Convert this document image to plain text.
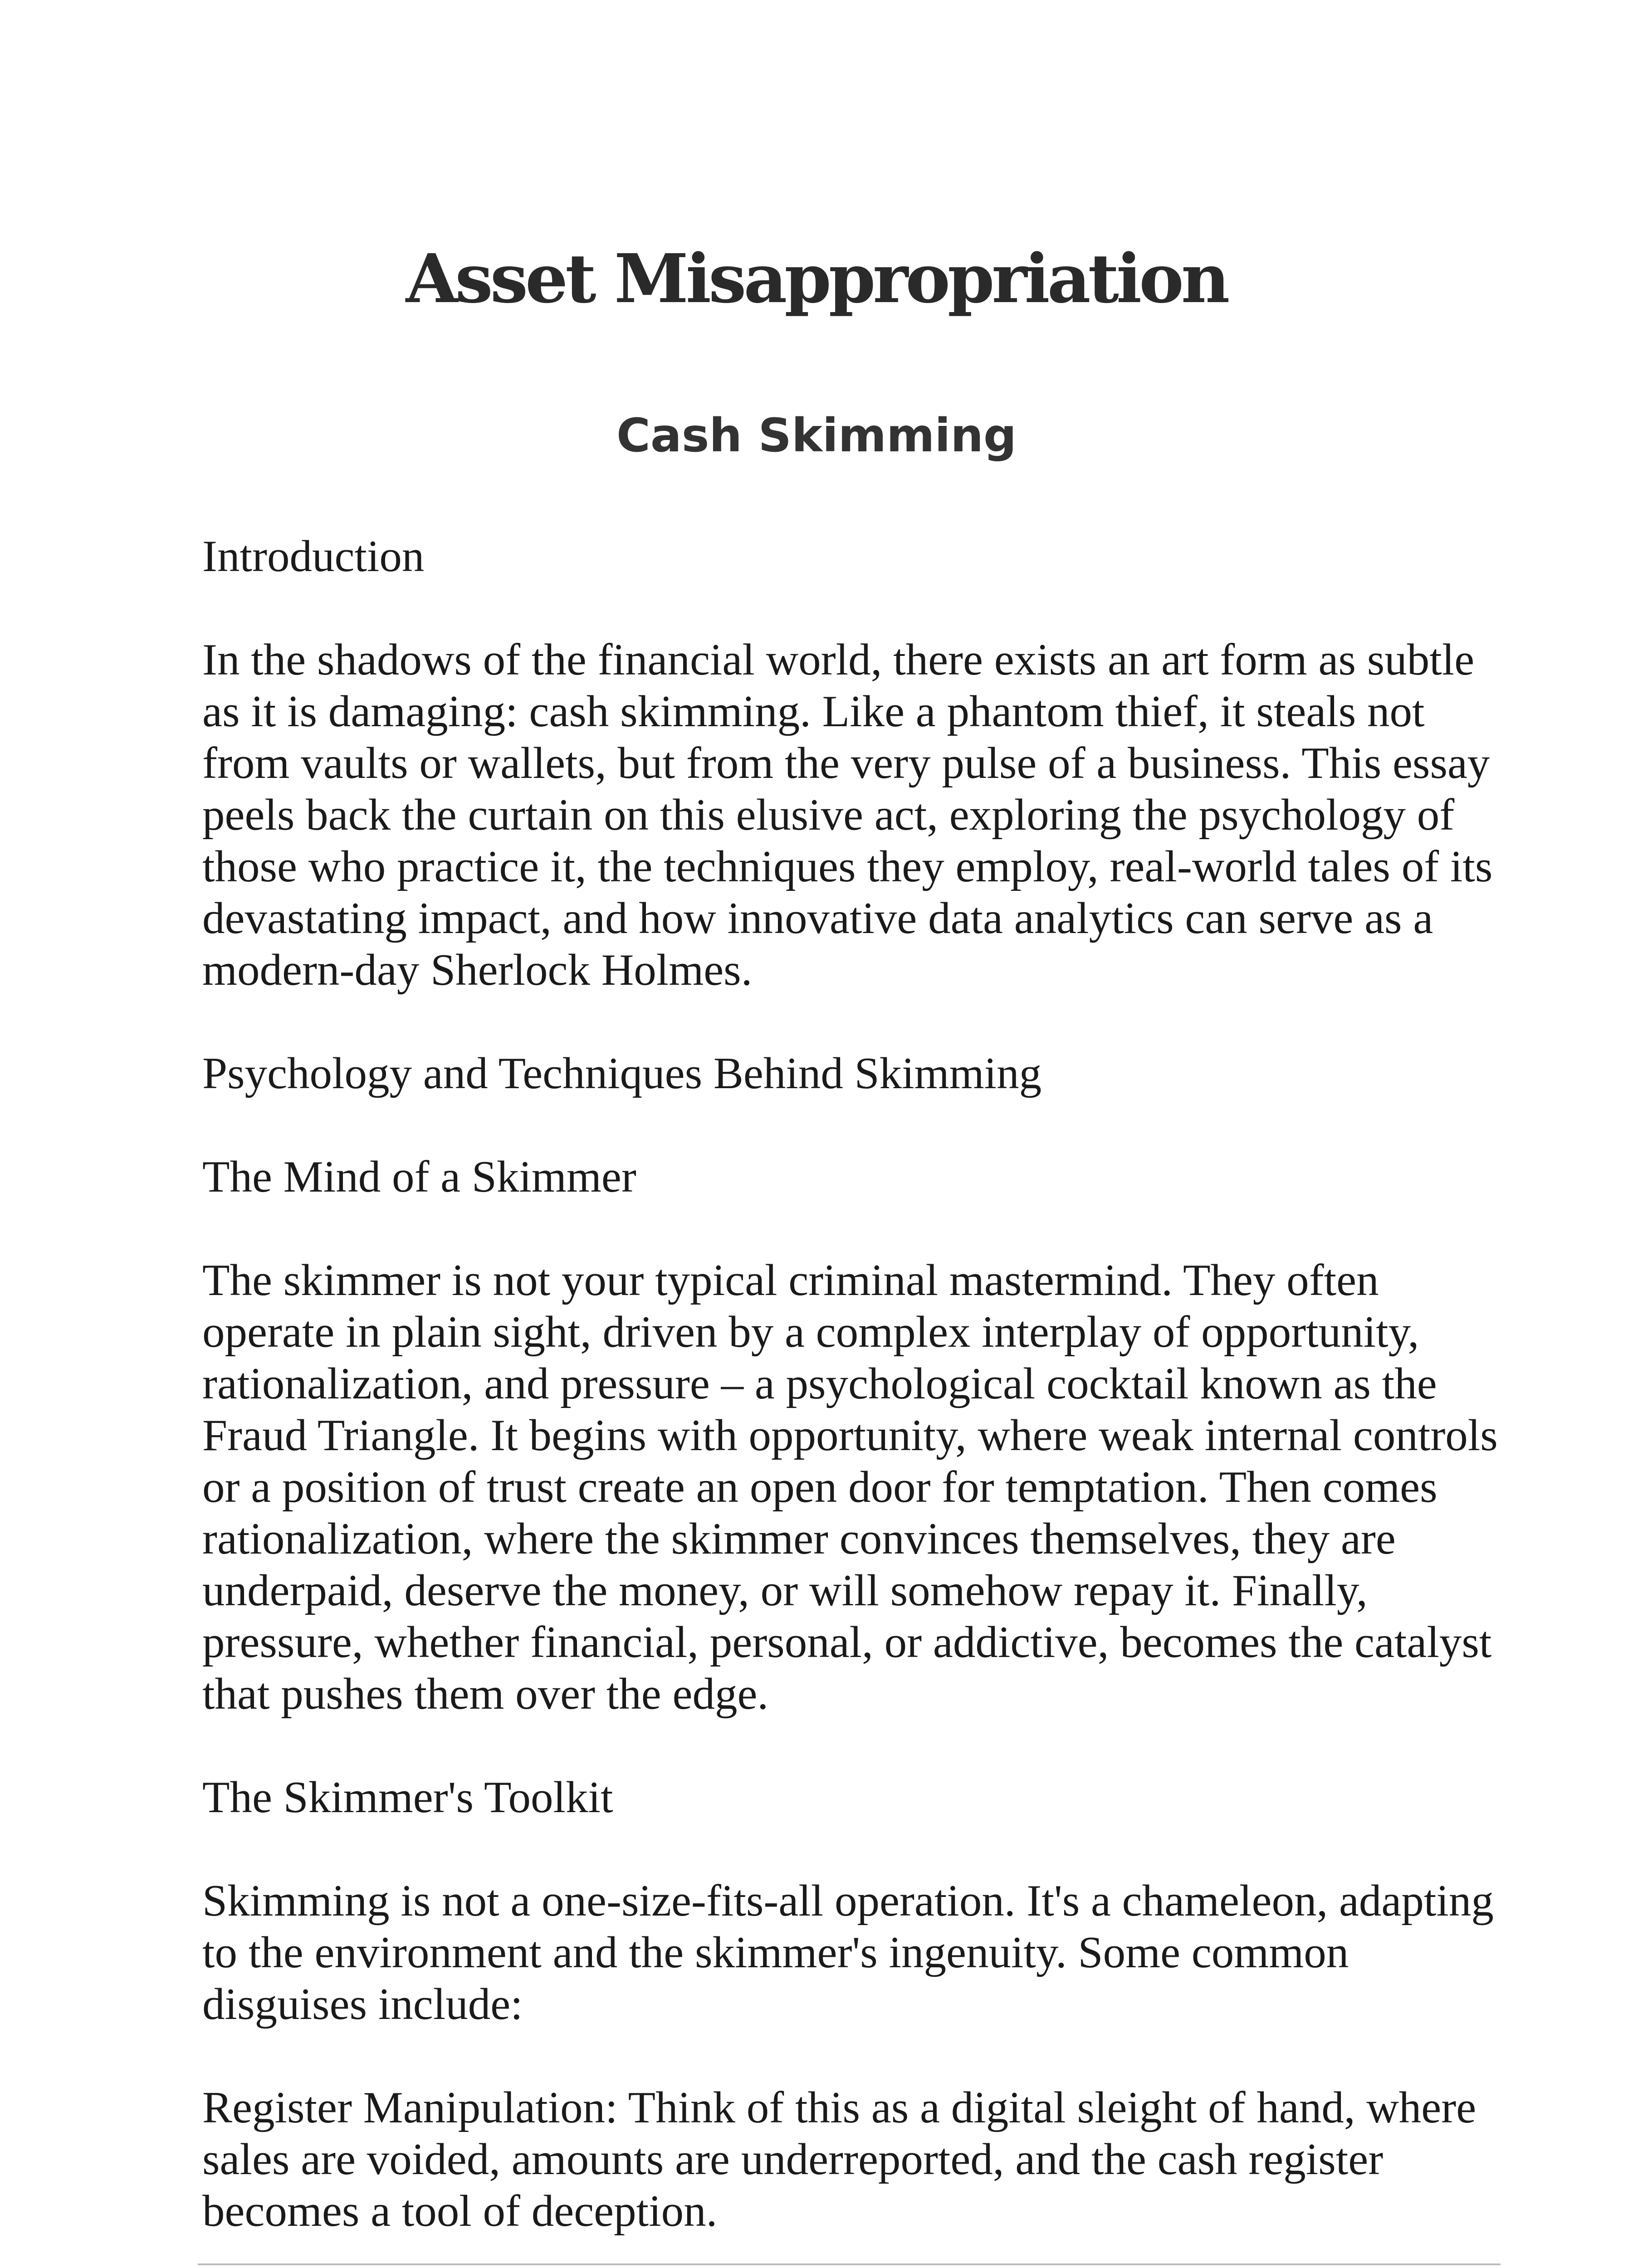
Asset Misappropriation
Cash Skimming

Introduction

In the shadows of the financial world, there exists an art form as subtle as it is damaging: cash skimming. Like a phantom thief, it steals not from vaults or wallets, but from the very pulse of a business. This essay peels back the curtain on this elusive act, exploring the psychology of those who practice it, the techniques they employ, real-world tales of its devastating impact, and how innovative data analytics can serve as a modern-day Sherlock Holmes.

Psychology and Techniques Behind Skimming

The Mind of a Skimmer

The skimmer is not your typical criminal mastermind. They often operate in plain sight, driven by a complex interplay of opportunity, rationalization, and pressure – a psychological cocktail known as the Fraud Triangle. It begins with opportunity, where weak internal controls or a position of trust create an open door for temptation. Then comes rationalization, where the skimmer convinces themselves, they are underpaid, deserve the money, or will somehow repay it. Finally, pressure, whether financial, personal, or addictive, becomes the catalyst that pushes them over the edge.

The Skimmer's Toolkit

Skimming is not a one-size-fits-all operation. It's a chameleon, adapting to the environment and the skimmer's ingenuity. Some common disguises include:

Register Manipulation: Think of this as a digital sleight of hand, where sales are voided, amounts are underreported, and the cash register becomes a tool of deception.
